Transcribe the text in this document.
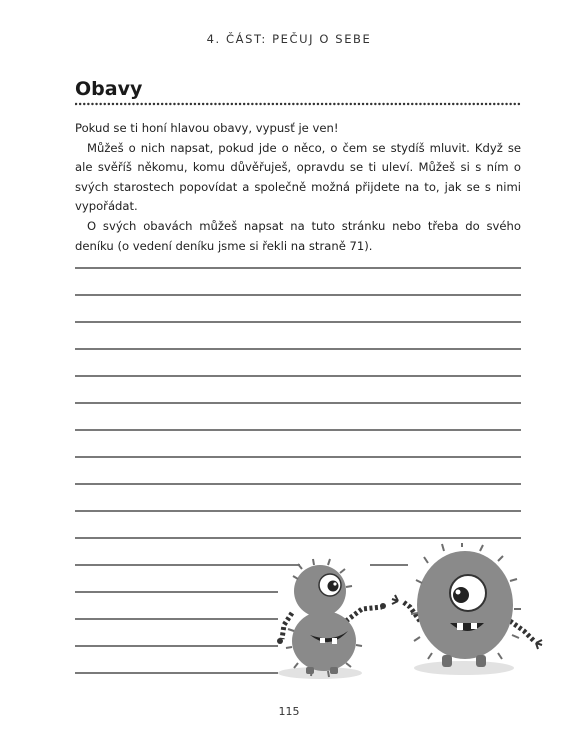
4. ČÁST: PEČUJ O SEBE
Obavy

Pokud se ti honí hlavou obavy, vypusť je ven!

Můžeš o nich napsat, pokud jde o něco, o čem se stydíš mluvit. Když se ale svěříš někomu, komu důvěřuješ, opravdu se ti uleví. Můžeš si s ním o svých starostech popovídat a společně možná přijdete na to, jak se s nimi vypořádat.

O svých obavách můžeš napsat na tuto stránku nebo třeba do svého deníku (o vedení deníku jsme si řekli na straně 71).

115
